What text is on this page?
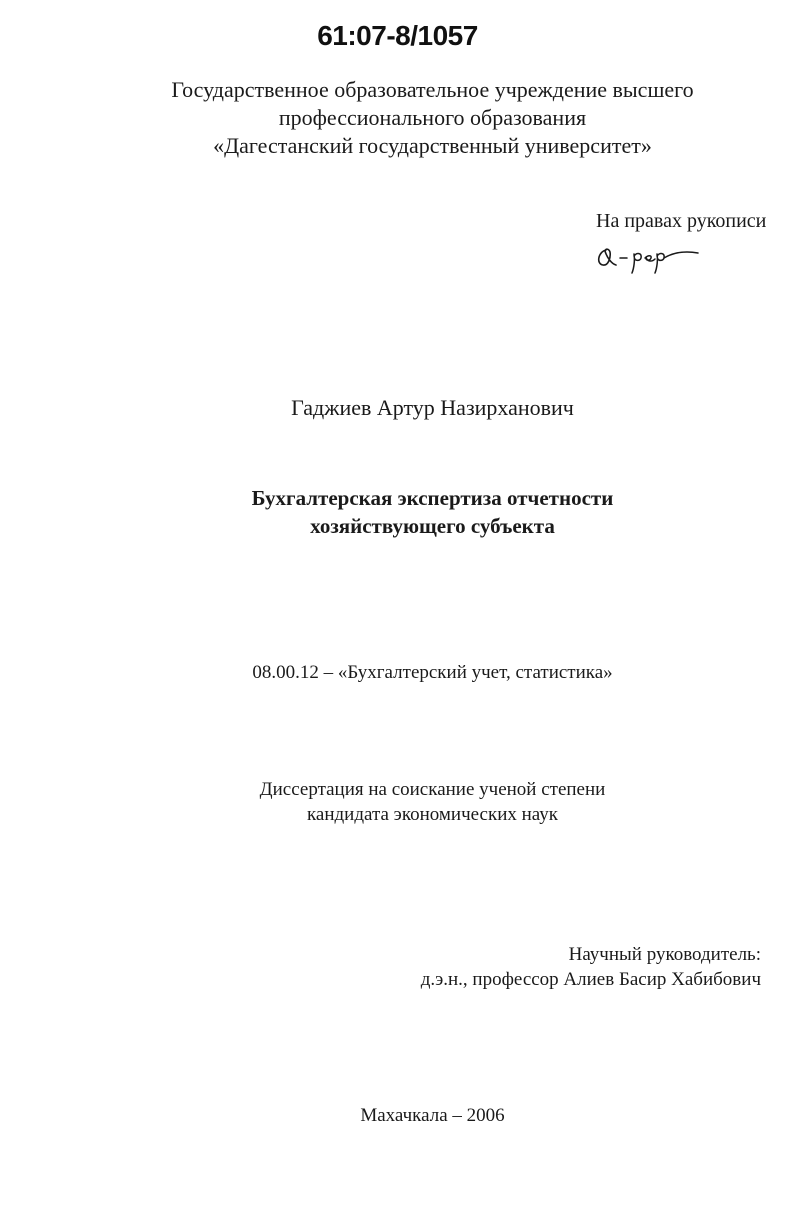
61:07-8/1057
Государственное образовательное учреждение высшего
профессионального образования
«Дагестанский государственный университет»
На правах рукописи
Гаджиев Артур Назирханович
Бухгалтерская экспертиза отчетности
хозяйствующего субъекта
08.00.12 – «Бухгалтерский учет, статистика»
Диссертация на соискание ученой степени
кандидата экономических наук
Научный руководитель:
д.э.н., профессор Алиев Басир Хабибович
Махачкала – 2006
